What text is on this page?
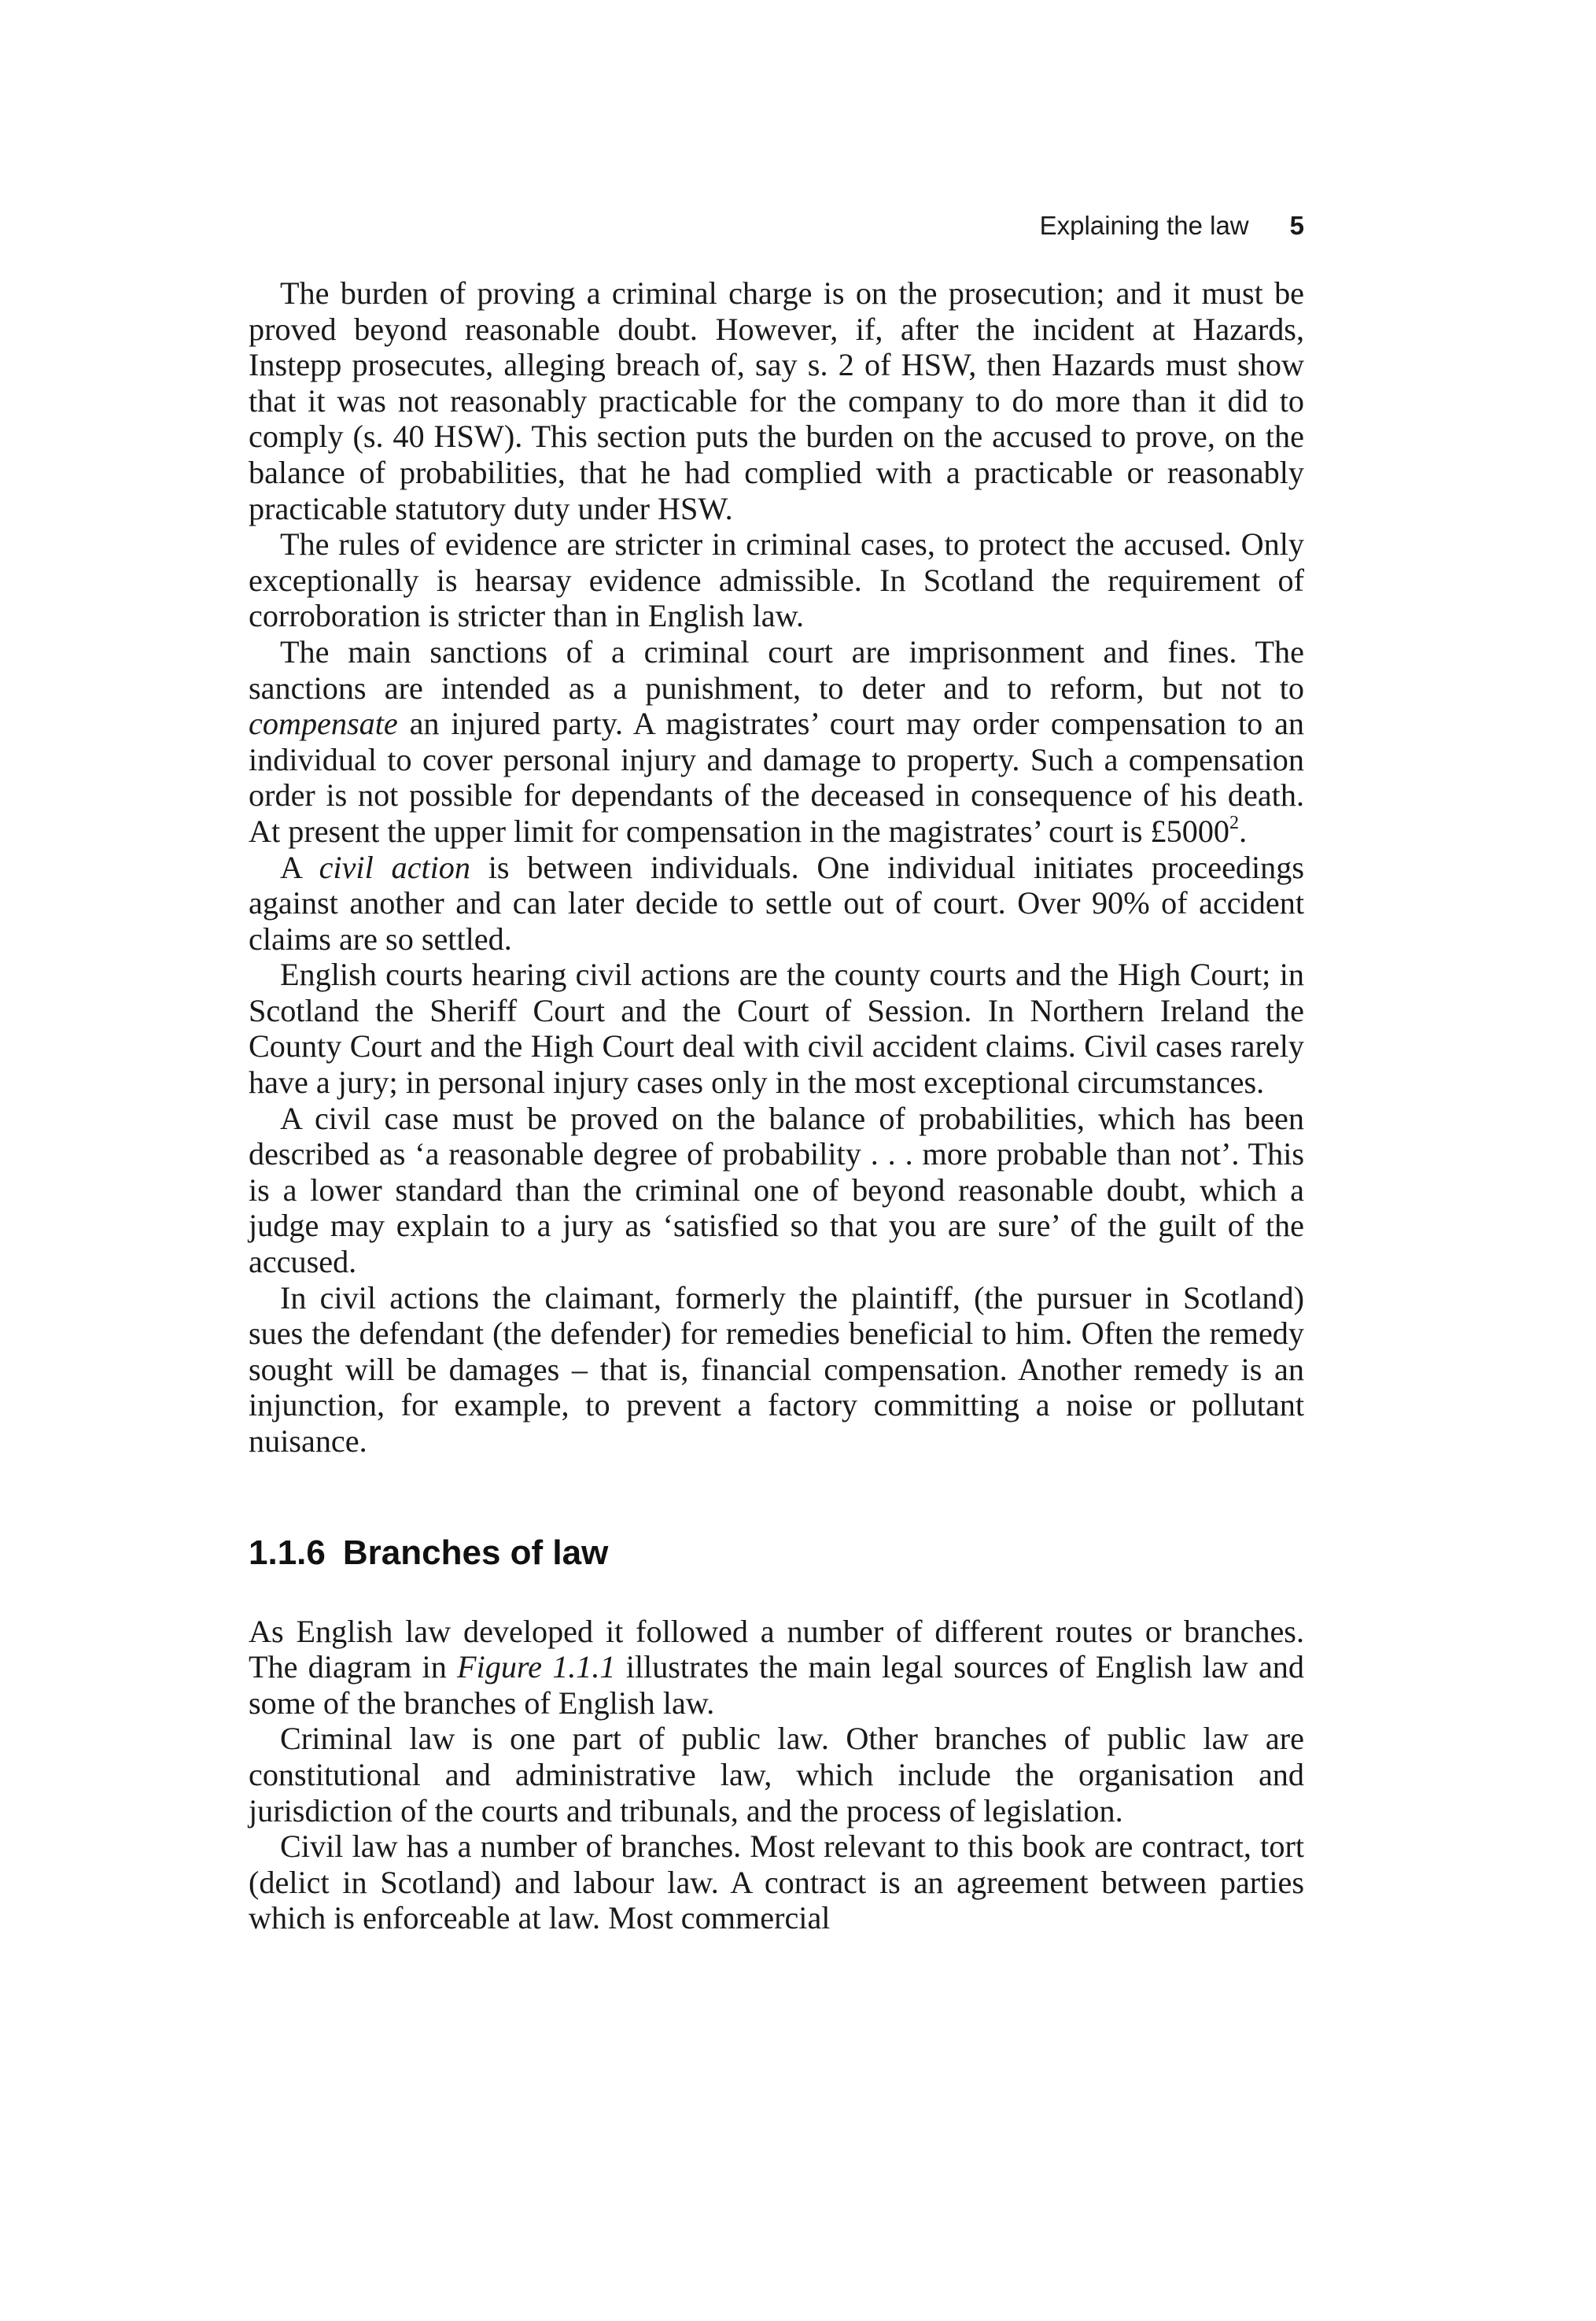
Explaining the law 5

The burden of proving a criminal charge is on the prosecution; and it must be proved beyond reasonable doubt. However, if, after the incident at Hazards, Instepp prosecutes, alleging breach of, say s. 2 of HSW, then Hazards must show that it was not reasonably practicable for the company to do more than it did to comply (s. 40 HSW). This section puts the burden on the accused to prove, on the balance of probabilities, that he had complied with a practicable or reasonably practicable statutory duty under HSW.

The rules of evidence are stricter in criminal cases, to protect the accused. Only exceptionally is hearsay evidence admissible. In Scotland the requirement of corroboration is stricter than in English law.

The main sanctions of a criminal court are imprisonment and fines. The sanctions are intended as a punishment, to deter and to reform, but not to compensate an injured party. A magistrates’ court may order compensation to an individual to cover personal injury and damage to property. Such a compensation order is not possible for dependants of the deceased in consequence of his death. At present the upper limit for compensation in the magistrates’ court is £5000$^2$.

A civil action is between individuals. One individual initiates proceedings against another and can later decide to settle out of court. Over 90% of accident claims are so settled.

English courts hearing civil actions are the county courts and the High Court; in Scotland the Sheriff Court and the Court of Session. In Northern Ireland the County Court and the High Court deal with civil accident claims. Civil cases rarely have a jury; in personal injury cases only in the most exceptional circumstances.

A civil case must be proved on the balance of probabilities, which has been described as ‘a reasonable degree of probability . . . more probable than not’. This is a lower standard than the criminal one of beyond reasonable doubt, which a judge may explain to a jury as ‘satisfied so that you are sure’ of the guilt of the accused.

In civil actions the claimant, formerly the plaintiff, (the pursuer in Scotland) sues the defendant (the defender) for remedies beneficial to him. Often the remedy sought will be damages – that is, financial compensation. Another remedy is an injunction, for example, to prevent a factory committing a noise or pollutant nuisance.

1.1.6 Branches of law

As English law developed it followed a number of different routes or branches. The diagram in Figure 1.1.1 illustrates the main legal sources of English law and some of the branches of English law.

Criminal law is one part of public law. Other branches of public law are constitutional and administrative law, which include the organisation and jurisdiction of the courts and tribunals, and the process of legislation.

Civil law has a number of branches. Most relevant to this book are contract, tort (delict in Scotland) and labour law. A contract is an agreement between parties which is enforceable at law. Most commercial
